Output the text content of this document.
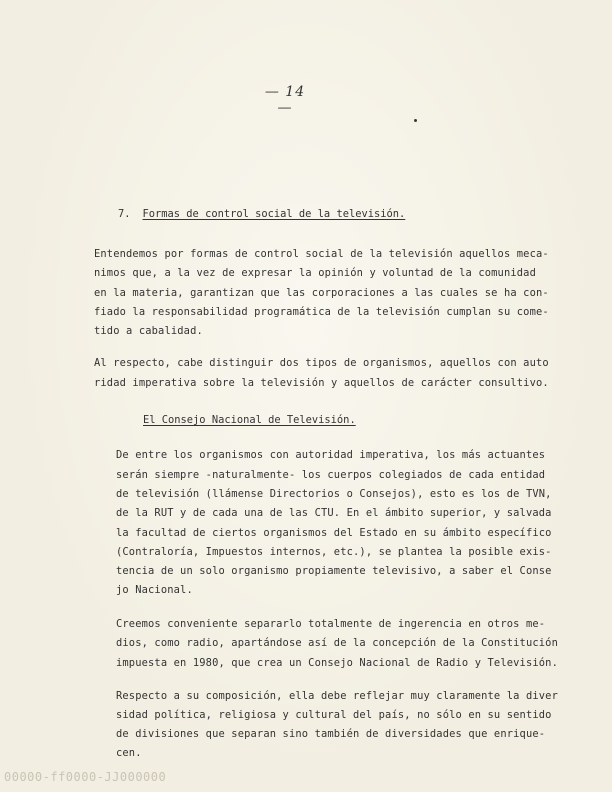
— 14 —
7. Formas de control social de la televisión.
Entendemos por formas de control social de la televisión aquellos meca-
nimos que, a la vez de expresar la opinión y voluntad de la comunidad
en la materia, garantizan que las corporaciones a las cuales se ha con-
fiado la responsabilidad programática de la televisión cumplan su come-
tido a cabalidad.
Al respecto, cabe distinguir dos tipos de organismos, aquellos con auto
ridad imperativa sobre la televisión y aquellos de carácter consultivo.
El Consejo Nacional de Televisión.
De entre los organismos con autoridad imperativa, los más actuantes
serán siempre -naturalmente- los cuerpos colegiados de cada entidad
de televisión (llámense Directorios o Consejos), esto es los de TVN,
de la RUT y de cada una de las CTU. En el ámbito superior, y salvada
la facultad de ciertos organismos del Estado en su ámbito específico
(Contraloría, Impuestos internos, etc.), se plantea la posible exis-
tencia de un solo organismo propiamente televisivo, a saber el Conse
jo Nacional.
Creemos conveniente separarlo totalmente de ingerencia en otros me-
dios, como radio, apartándose así de la concepción de la Constitución
impuesta en 1980, que crea un Consejo Nacional de Radio y Televisión.
Respecto a su composición, ella debe reflejar muy claramente la diver
sidad política, religiosa y cultural del país, no sólo en su sentido
de divisiones que separan sino también de diversidades que enrique-
cen.
00000-ff0000-JJ000000
